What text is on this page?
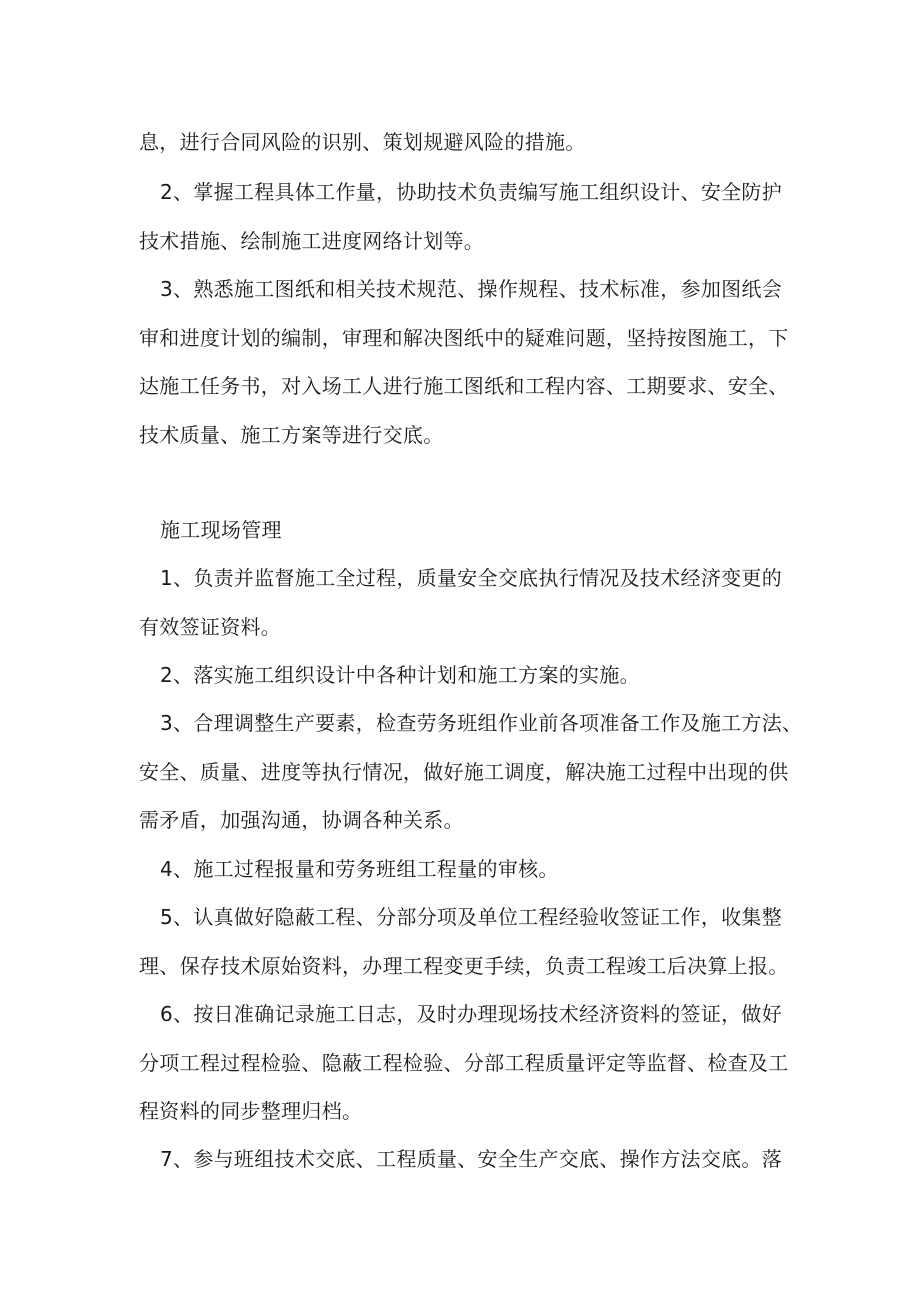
息，进行合同风险的识别、策划规避风险的措施。
2、掌握工程具体工作量，协助技术负责编写施工组织设计、安全防护
技术措施、绘制施工进度网络计划等。
3、熟悉施工图纸和相关技术规范、操作规程、技术标准，参加图纸会
审和进度计划的编制，审理和解决图纸中的疑难问题，坚持按图施工，下
达施工任务书，对入场工人进行施工图纸和工程内容、工期要求、安全、
技术质量、施工方案等进行交底。
施工现场管理
1、负责并监督施工全过程，质量安全交底执行情况及技术经济变更的
有效签证资料。
2、落实施工组织设计中各种计划和施工方案的实施。
3、合理调整生产要素，检查劳务班组作业前各项准备工作及施工方法、
安全、质量、进度等执行情况，做好施工调度，解决施工过程中出现的供
需矛盾，加强沟通，协调各种关系。
4、施工过程报量和劳务班组工程量的审核。
5、认真做好隐蔽工程、分部分项及单位工程经验收签证工作，收集整
理、保存技术原始资料，办理工程变更手续，负责工程竣工后决算上报。
6、按日准确记录施工日志，及时办理现场技术经济资料的签证，做好
分项工程过程检验、隐蔽工程检验、分部工程质量评定等监督、检查及工
程资料的同步整理归档。
7、参与班组技术交底、工程质量、安全生产交底、操作方法交底。落
